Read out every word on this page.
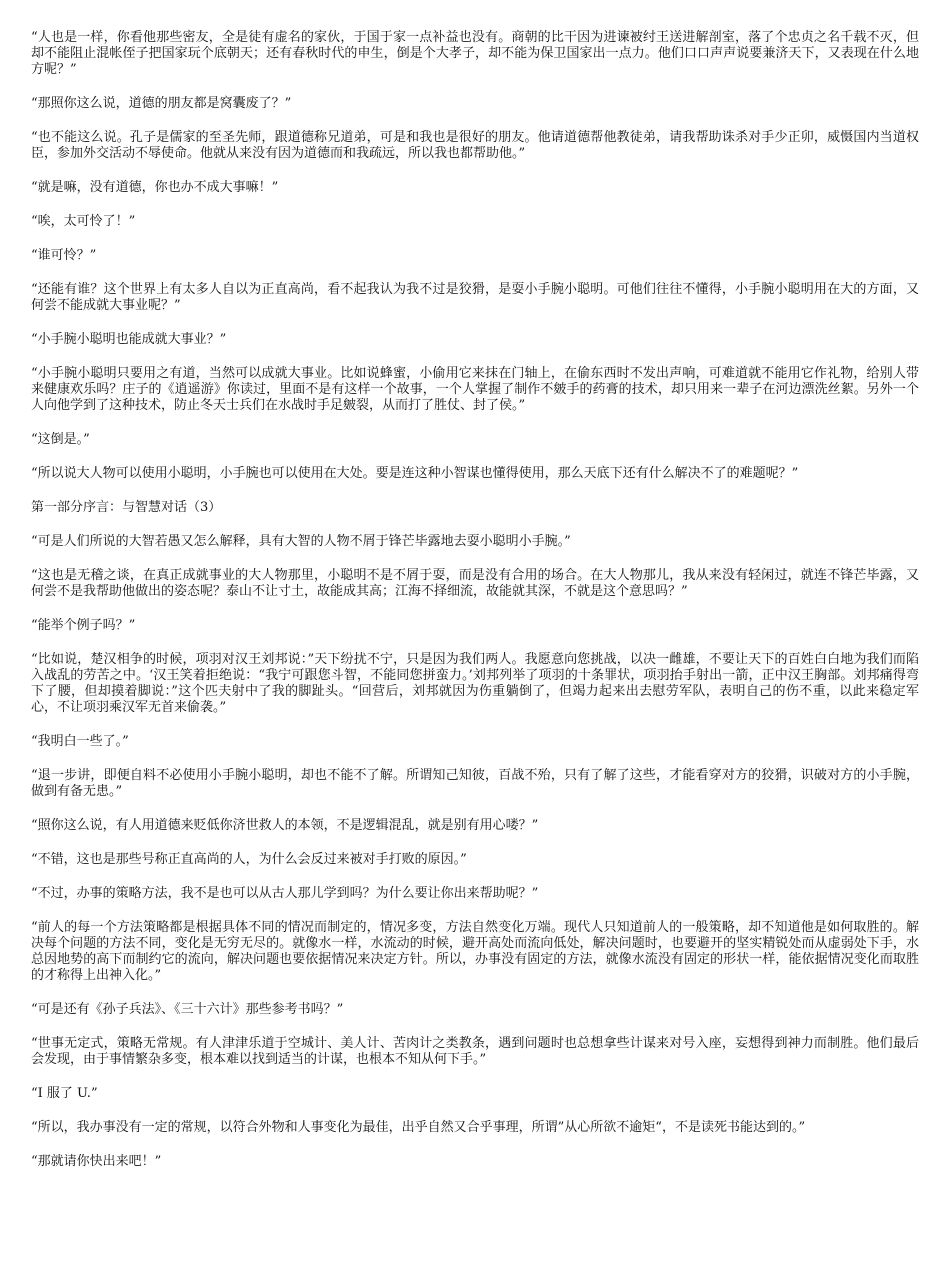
“人也是一样，你看他那些密友，全是徒有虚名的家伙，于国于家一点补益也没有。商朝的比干因为进谏被纣王送进解剖室，落了个忠贞之名千载不灭，但却不能阻止混帐侄子把国家玩个底朝天；还有春秋时代的申生，倒是个大孝子，却不能为保卫国家出一点力。他们口口声声说要兼济天下，又表现在什么地方呢？”

“那照你这么说，道德的朋友都是窝囊废了？”

“也不能这么说。孔子是儒家的至圣先师，跟道德称兄道弟，可是和我也是很好的朋友。他请道德帮他教徒弟，请我帮助诛杀对手少正卯，威慑国内当道权臣，参加外交活动不辱使命。他就从来没有因为道德而和我疏远，所以我也都帮助他。”

“就是嘛，没有道德，你也办不成大事嘛！”

“唉，太可怜了！”

“谁可怜？”

“还能有谁？这个世界上有太多人自以为正直高尚，看不起我认为我不过是狡猾，是耍小手腕小聪明。可他们往往不懂得，小手腕小聪明用在大的方面，又何尝不能成就大事业呢？”

“小手腕小聪明也能成就大事业？”

“小手腕小聪明只要用之有道，当然可以成就大事业。比如说蜂蜜，小偷用它来抹在门轴上，在偷东西时不发出声响，可难道就不能用它作礼物，给别人带来健康欢乐吗？庄子的《逍遥游》你读过，里面不是有这样一个故事，一个人掌握了制作不皴手的药膏的技术，却只用来一辈子在河边漂洗丝絮。另外一个人向他学到了这种技术，防止冬天士兵们在水战时手足皴裂，从而打了胜仗、封了侯。”

“这倒是。”

“所以说大人物可以使用小聪明，小手腕也可以使用在大处。要是连这种小智谋也懂得使用，那么天底下还有什么解决不了的难题呢？”

第一部分序言：与智慧对话（3）

“可是人们所说的大智若愚又怎么解释，具有大智的人物不屑于锋芒毕露地去耍小聪明小手腕。”

“这也是无稽之谈，在真正成就事业的大人物那里，小聪明不是不屑于耍，而是没有合用的场合。在大人物那儿，我从来没有轻闲过，就连不锋芒毕露，又何尝不是我帮助他做出的姿态呢？泰山不让寸土，故能成其高；江海不择细流，故能就其深，不就是这个意思吗？”

“能举个例子吗？”

“比如说，楚汉相争的时候，项羽对汉王刘邦说：”天下纷扰不宁，只是因为我们两人。我愿意向您挑战，以决一雌雄，不要让天下的百姓白白地为我们而陷入战乱的劳苦之中。‘汉王笑着拒绝说：“我宁可跟您斗智，不能同您拼蛮力。’刘邦列举了项羽的十条罪状，项羽抬手射出一箭，正中汉王胸部。刘邦痛得弯下了腰，但却摸着脚说：”这个匹夫射中了我的脚趾头。“回营后，刘邦就因为伤重躺倒了，但竭力起来出去慰劳军队，表明自己的伤不重，以此来稳定军心，不让项羽乘汉军无首来偷袭。”

“我明白一些了。”

“退一步讲，即便自料不必使用小手腕小聪明，却也不能不了解。所谓知己知彼，百战不殆，只有了解了这些，才能看穿对方的狡猾，识破对方的小手腕，做到有备无患。”

“照你这么说，有人用道德来贬低你济世救人的本领，不是逻辑混乱，就是别有用心喽？”

“不错，这也是那些号称正直高尚的人，为什么会反过来被对手打败的原因。”

“不过，办事的策略方法，我不是也可以从古人那儿学到吗？为什么要让你出来帮助呢？”

“前人的每一个方法策略都是根据具体不同的情况而制定的，情况多变，方法自然变化万端。现代人只知道前人的一般策略，却不知道他是如何取胜的。解决每个问题的方法不同，变化是无穷无尽的。就像水一样，水流动的时候，避开高处而流向低处，解决问题时，也要避开的坚实精锐处而从虚弱处下手，水总因地势的高下而制约它的流向，解决问题也要依据情况来决定方针。所以，办事没有固定的方法，就像水流没有固定的形状一样，能依据情况变化而取胜的才称得上出神入化。”

“可是还有《孙子兵法》、《三十六计》那些参考书吗？”

“世事无定式，策略无常规。有人津津乐道于空城计、美人计、苦肉计之类教条，遇到问题时也总想拿些计谋来对号入座，妄想得到神力而制胜。他们最后会发现，由于事情繁杂多变，根本难以找到适当的计谋，也根本不知从何下手。”

“I 服了 U.”

“所以，我办事没有一定的常规，以符合外物和人事变化为最佳，出乎自然又合乎事理，所谓”从心所欲不逾矩“，不是读死书能达到的。”

“那就请你快出来吧！”
